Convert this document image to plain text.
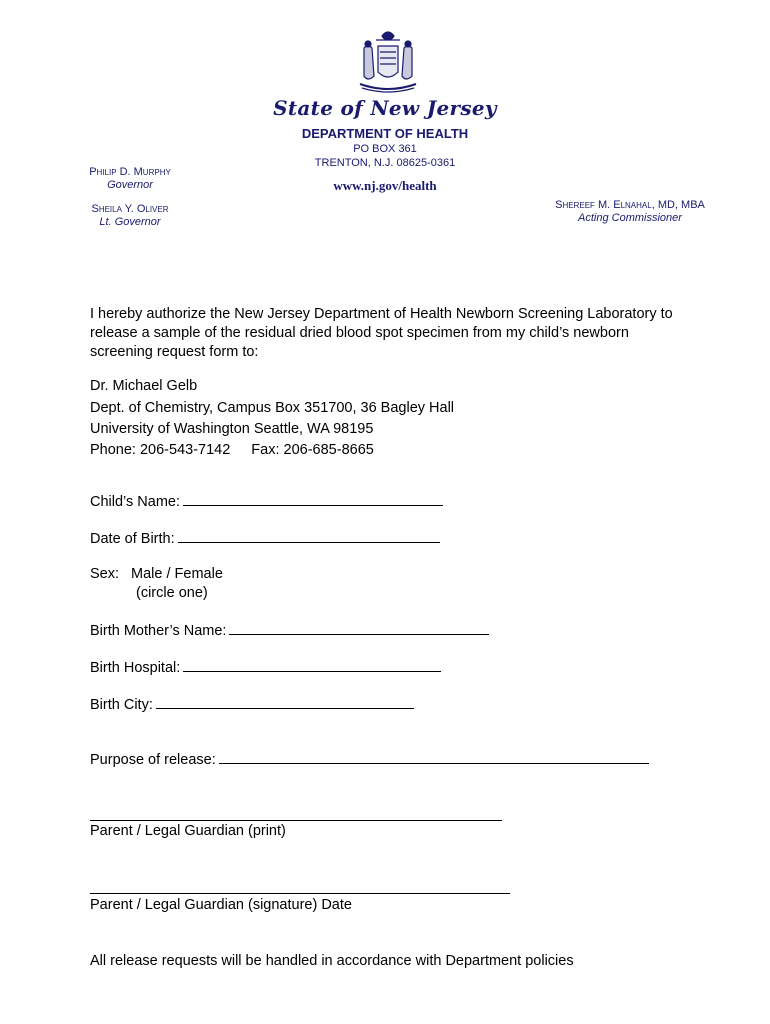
State of New Jersey
DEPARTMENT OF HEALTH
PO BOX 361
TRENTON, N.J. 08625-0361
www.nj.gov/health
Philip D. Murphy
Governor
Sheila Y. Oliver
Lt. Governor
Shereef M. Elnahal, MD, MBA
Acting Commissioner
I hereby authorize the New Jersey Department of Health Newborn Screening Laboratory to release a sample of the residual dried blood spot specimen from my child’s newborn screening request form to:
Dr. Michael Gelb
Dept. of Chemistry, Campus Box 351700, 36 Bagley Hall
University of Washington Seattle, WA 98195
Phone: 206-543-7142 Fax: 206-685-8665
Child’s Name:
Date of Birth:
Sex: Male / Female
(circle one)
Birth Mother’s Name:
Birth Hospital:
Birth City:
Purpose of release:
Parent / Legal Guardian (print)
Parent / Legal Guardian (signature) Date
All release requests will be handled in accordance with Department policies
